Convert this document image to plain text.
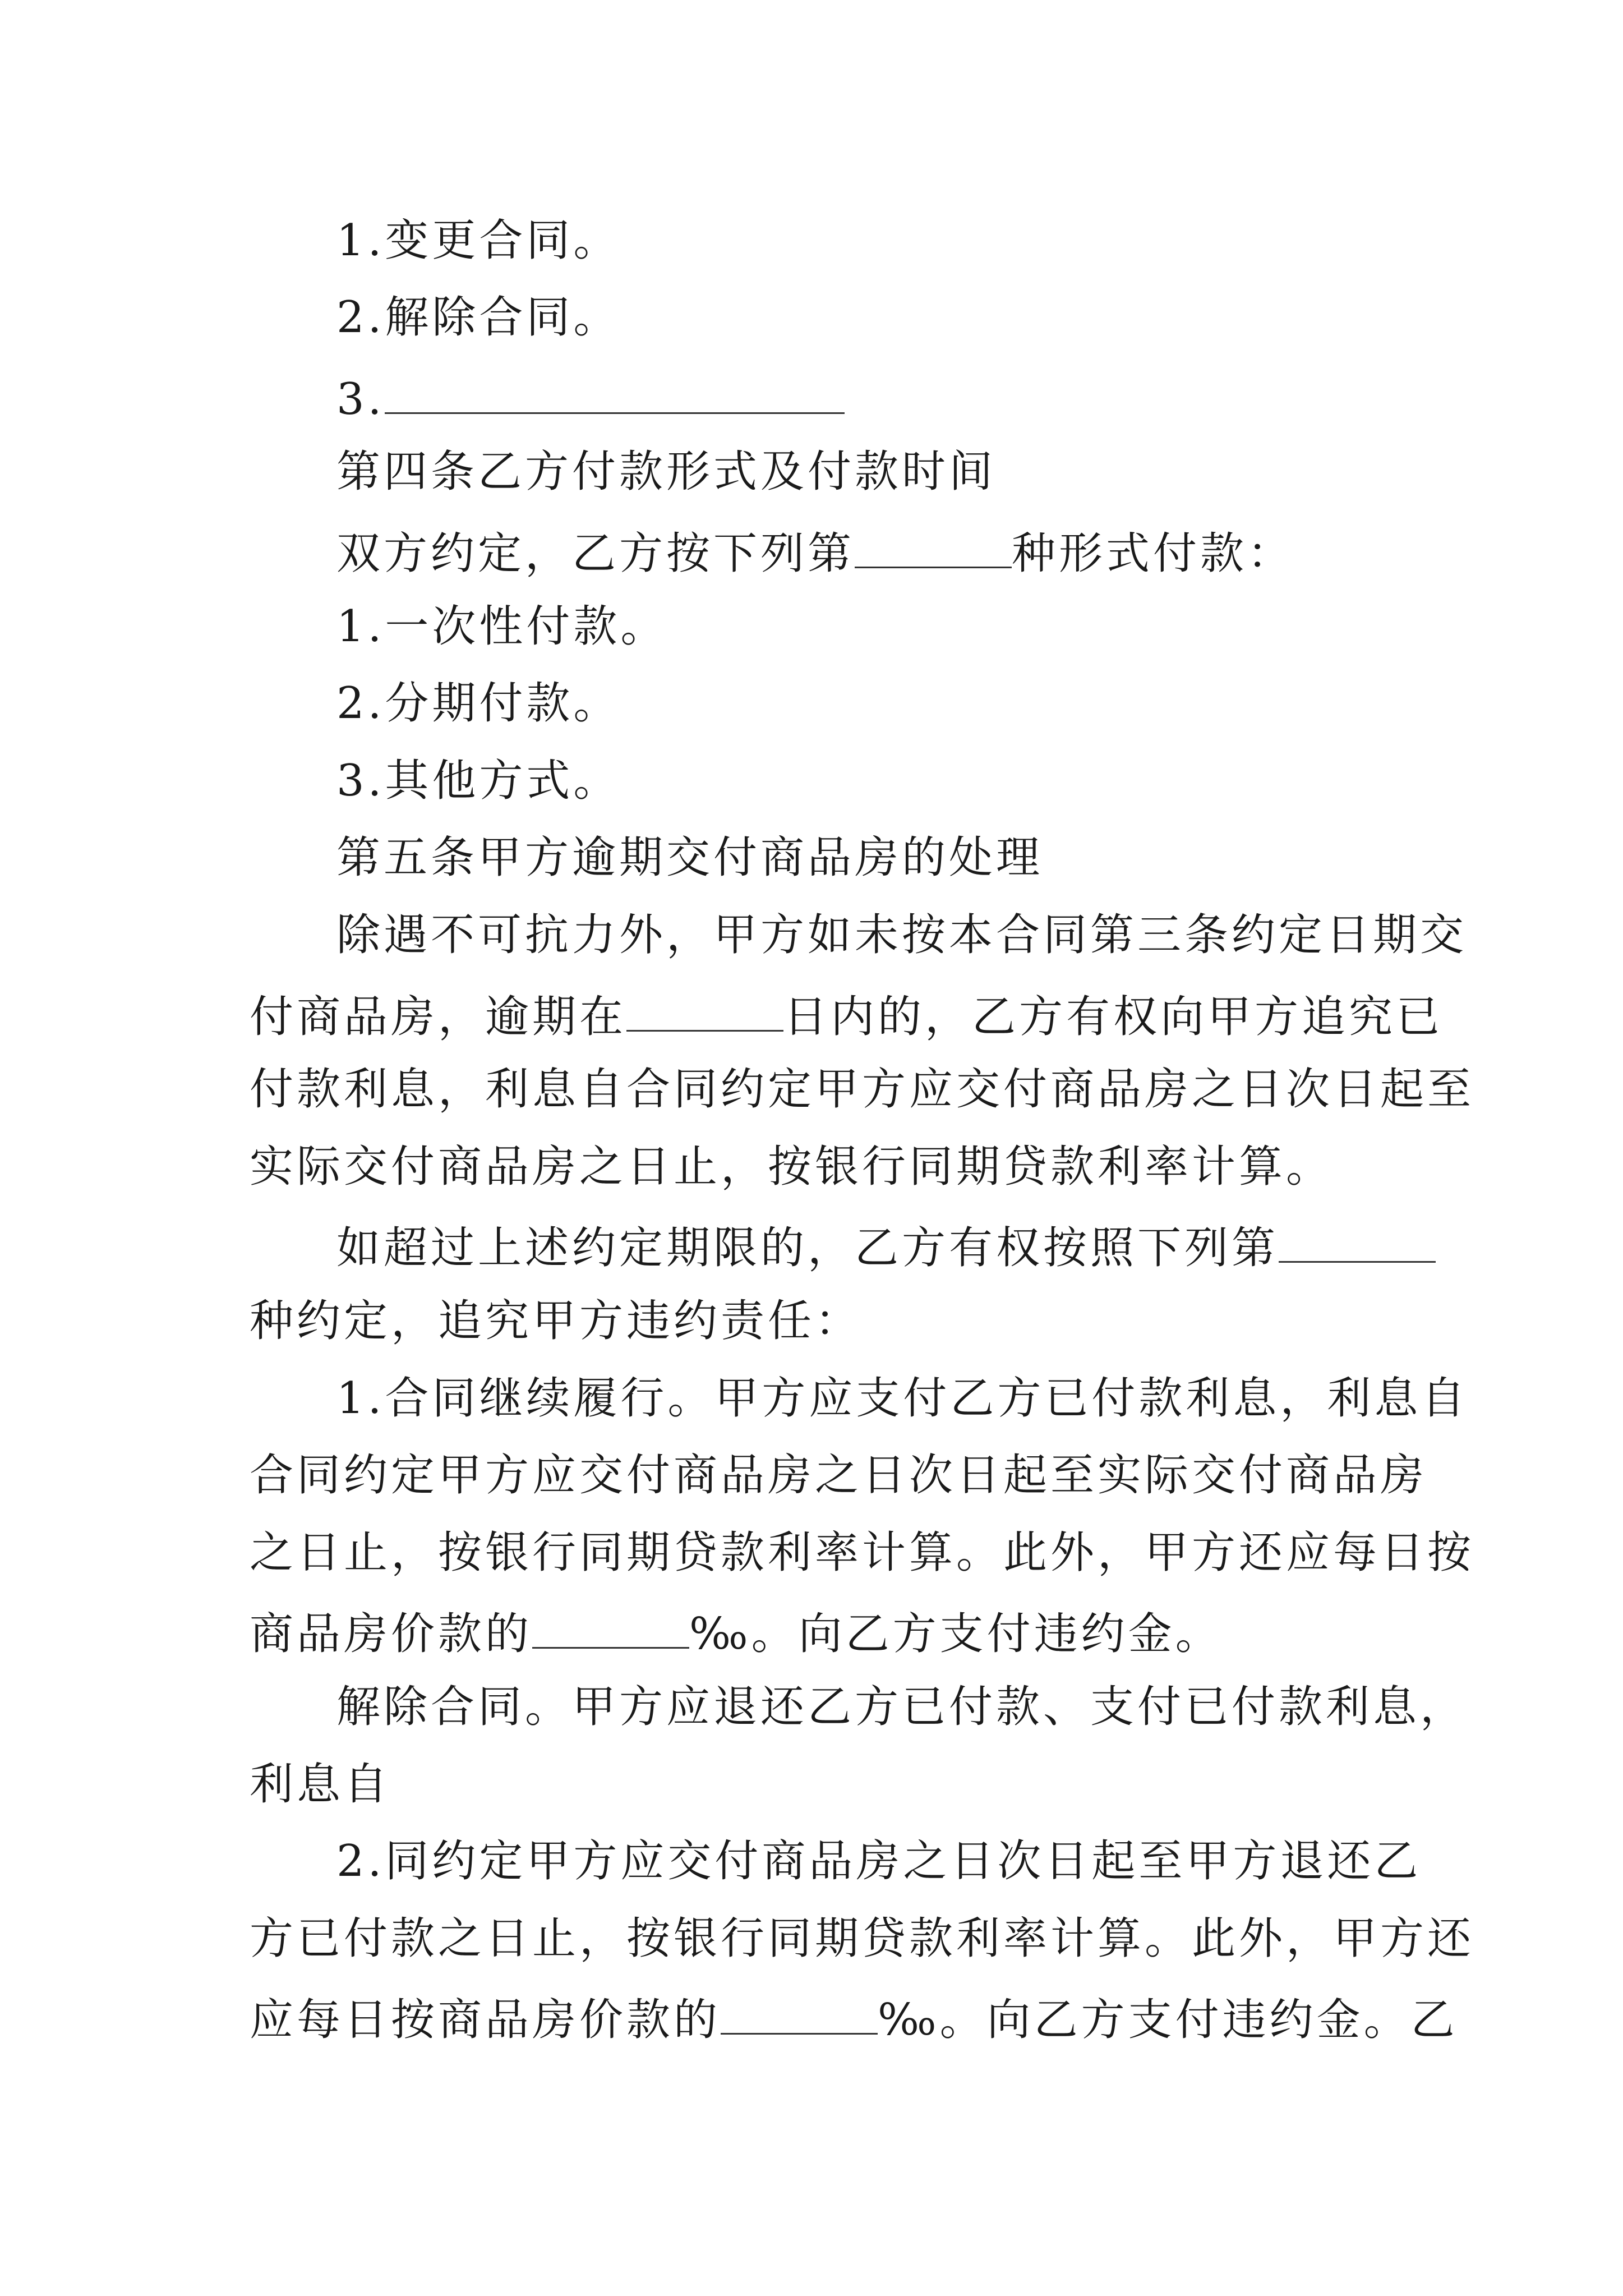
1.变更合同。
2.解除合同。
3.
第四条乙方付款形式及付款时间
双方约定，乙方按下列第	种形式付款：
1.一次性付款。
2.分期付款。
3.其他方式。
第五条甲方逾期交付商品房的处理
除遇不可抗力外，甲方如未按本合同第三条约定日期交
付商品房，逾期在	日内的，乙方有权向甲方追究已
付款利息，利息自合同约定甲方应交付商品房之日次日起至
实际交付商品房之日止，按银行同期贷款利率计算。
如超过上述约定期限的，乙方有权按照下列第
种约定，追究甲方违约责任：
1.合同继续履行。甲方应支付乙方已付款利息，利息自
合同约定甲方应交付商品房之日次日起至实际交付商品房
之日止，按银行同期贷款利率计算。此外，甲方还应每日按
商品房价款的	‰。向乙方支付违约金。
解除合同。甲方应退还乙方已付款、支付已付款利息，
利息自
2.同约定甲方应交付商品房之日次日起至甲方退还乙
方已付款之日止，按银行同期贷款利率计算。此外，甲方还
应每日按商品房价款的	‰。向乙方支付违约金。乙
